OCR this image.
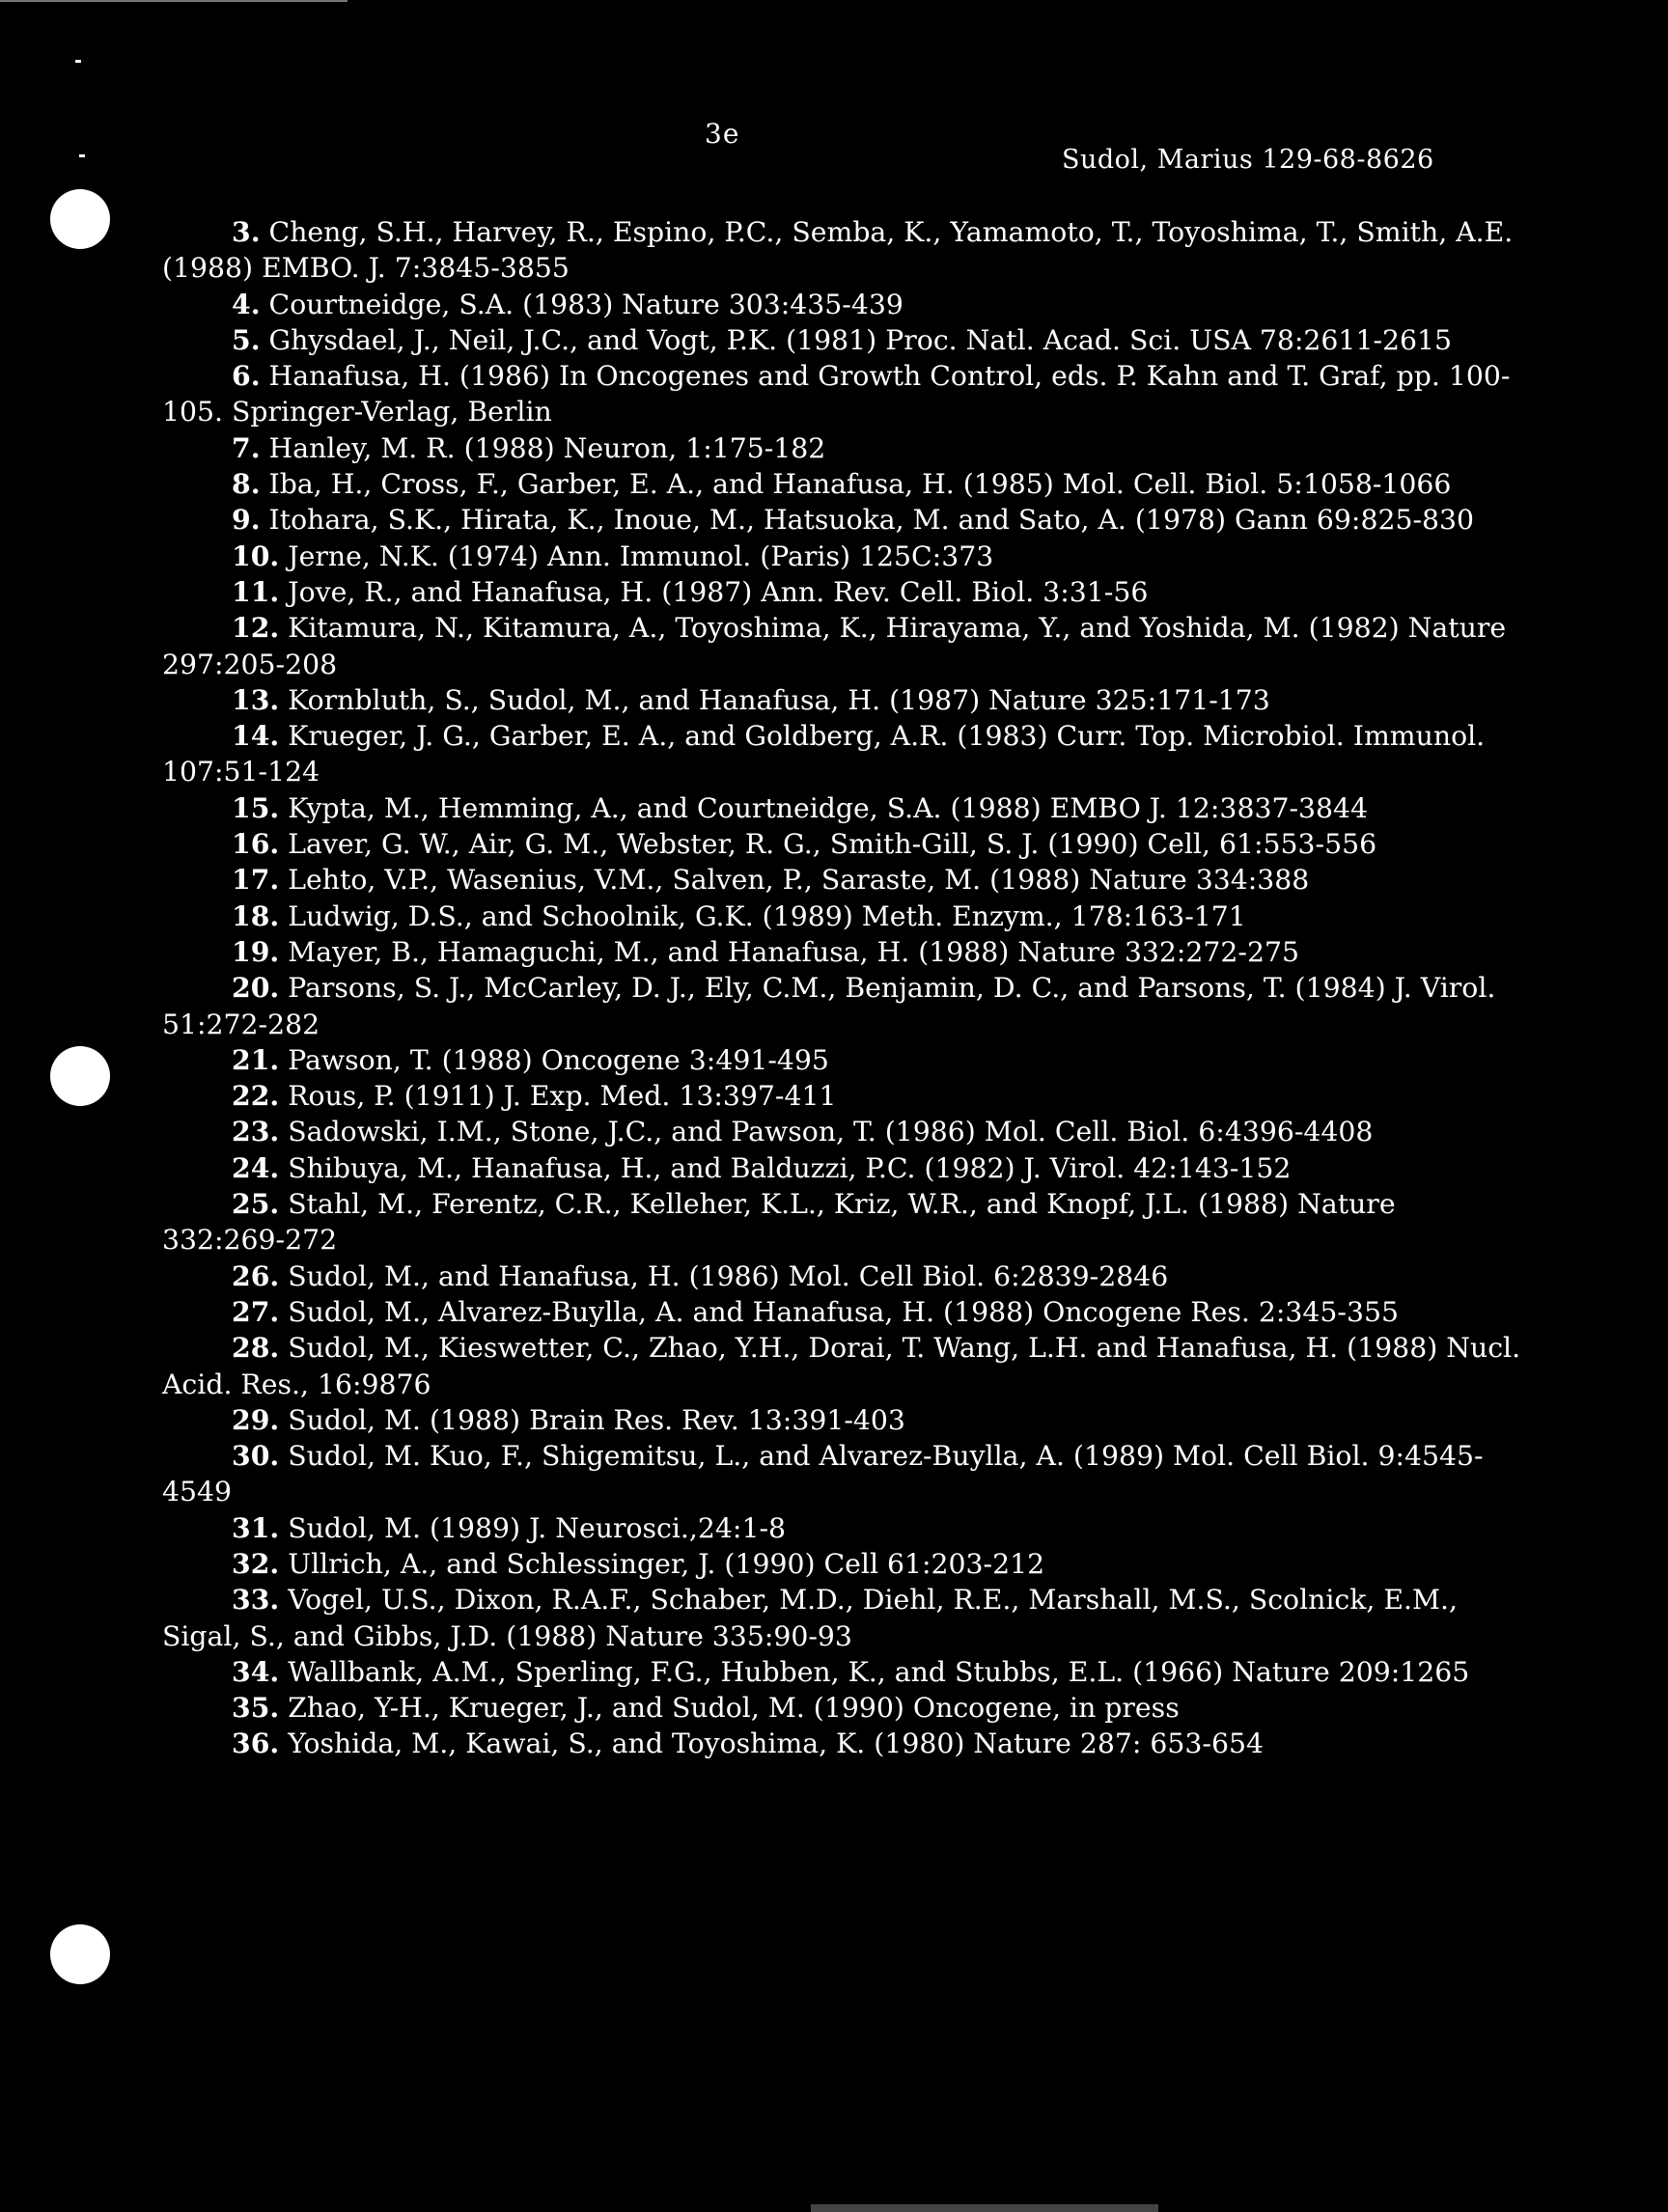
3e
Sudol, Marius 129-68-8626
3. Cheng, S.H., Harvey, R., Espino, P.C., Semba, K., Yamamoto, T., Toyoshima, T., Smith, A.E. (1988) EMBO. J. 7:3845-3855
4. Courtneidge, S.A. (1983) Nature 303:435-439
5. Ghysdael, J., Neil, J.C., and Vogt, P.K. (1981) Proc. Natl. Acad. Sci. USA 78:2611-2615
6. Hanafusa, H. (1986) In Oncogenes and Growth Control, eds. P. Kahn and T. Graf, pp. 100- 105. Springer-Verlag, Berlin
7. Hanley, M. R. (1988) Neuron, 1:175-182
8. Iba, H., Cross, F., Garber, E. A., and Hanafusa, H. (1985) Mol. Cell. Biol. 5:1058-1066
9. Itohara, S.K., Hirata, K., Inoue, M., Hatsuoka, M. and Sato, A. (1978) Gann 69:825-830
10. Jerne, N.K. (1974) Ann. Immunol. (Paris) 125C:373
11. Jove, R., and Hanafusa, H. (1987) Ann. Rev. Cell. Biol. 3:31-56
12. Kitamura, N., Kitamura, A., Toyoshima, K., Hirayama, Y., and Yoshida, M. (1982) Nature 297:205-208
13. Kornbluth, S., Sudol, M., and Hanafusa, H. (1987) Nature 325:171-173
14. Krueger, J. G., Garber, E. A., and Goldberg, A.R. (1983) Curr. Top. Microbiol. Immunol. 107:51-124
15. Kypta, M., Hemming, A., and Courtneidge, S.A. (1988) EMBO J. 12:3837-3844
16. Laver, G. W., Air, G. M., Webster, R. G., Smith-Gill, S. J. (1990) Cell, 61:553-556
17. Lehto, V.P., Wasenius, V.M., Salven, P., Saraste, M. (1988) Nature 334:388
18. Ludwig, D.S., and Schoolnik, G.K. (1989) Meth. Enzym., 178:163-171
19. Mayer, B., Hamaguchi, M., and Hanafusa, H. (1988) Nature 332:272-275
20. Parsons, S. J., McCarley, D. J., Ely, C.M., Benjamin, D. C., and Parsons, T. (1984) J. Virol. 51:272-282
21. Pawson, T. (1988) Oncogene 3:491-495
22. Rous, P. (1911) J. Exp. Med. 13:397-411
23. Sadowski, I.M., Stone, J.C., and Pawson, T. (1986) Mol. Cell. Biol. 6:4396-4408
24. Shibuya, M., Hanafusa, H., and Balduzzi, P.C. (1982) J. Virol. 42:143-152
25. Stahl, M., Ferentz, C.R., Kelleher, K.L., Kriz, W.R., and Knopf, J.L. (1988) Nature 332:269-272
26. Sudol, M., and Hanafusa, H. (1986) Mol. Cell Biol. 6:2839-2846
27. Sudol, M., Alvarez-Buylla, A. and Hanafusa, H. (1988) Oncogene Res. 2:345-355
28. Sudol, M., Kieswetter, C., Zhao, Y.H., Dorai, T. Wang, L.H. and Hanafusa, H. (1988) Nucl. Acid. Res., 16:9876
29. Sudol, M. (1988) Brain Res. Rev. 13:391-403
30. Sudol, M. Kuo, F., Shigemitsu, L., and Alvarez-Buylla, A. (1989) Mol. Cell Biol. 9:4545-4549
31. Sudol, M. (1989) J. Neurosci.,24:1-8
32. Ullrich, A., and Schlessinger, J. (1990) Cell 61:203-212
33. Vogel, U.S., Dixon, R.A.F., Schaber, M.D., Diehl, R.E., Marshall, M.S., Scolnick, E.M., Sigal, S., and Gibbs, J.D. (1988) Nature 335:90-93
34. Wallbank, A.M., Sperling, F.G., Hubben, K., and Stubbs, E.L. (1966) Nature 209:1265
35. Zhao, Y-H., Krueger, J., and Sudol, M. (1990) Oncogene, in press
36. Yoshida, M., Kawai, S., and Toyoshima, K. (1980) Nature 287: 653-654
